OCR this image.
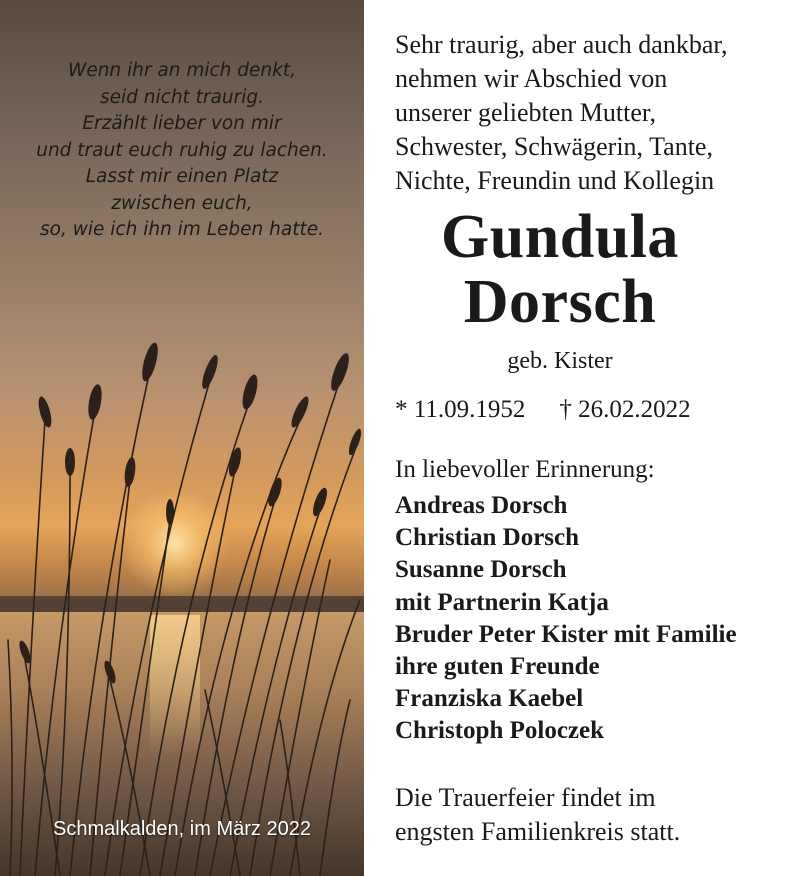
Wenn ihr an mich denkt,
seid nicht traurig.
Erzählt lieber von mir
und traut euch ruhig zu lachen.
Lasst mir einen Platz
zwischen euch,
so, wie ich ihn im Leben hatte.
Schmalkalden, im März 2022
Sehr traurig, aber auch dankbar,
nehmen wir Abschied von
unserer geliebten Mutter,
Schwester, Schwägerin, Tante,
Nichte, Freundin und Kollegin
Gundula
Dorsch
geb. Kister
* 11.09.1952 † 26.02.2022
In liebevoller Erinnerung:
Andreas Dorsch
Christian Dorsch
Susanne Dorsch
mit Partnerin Katja
Bruder Peter Kister mit Familie
ihre guten Freunde
Franziska Kaebel
Christoph Poloczek
Die Trauerfeier findet im
engsten Familienkreis statt.
